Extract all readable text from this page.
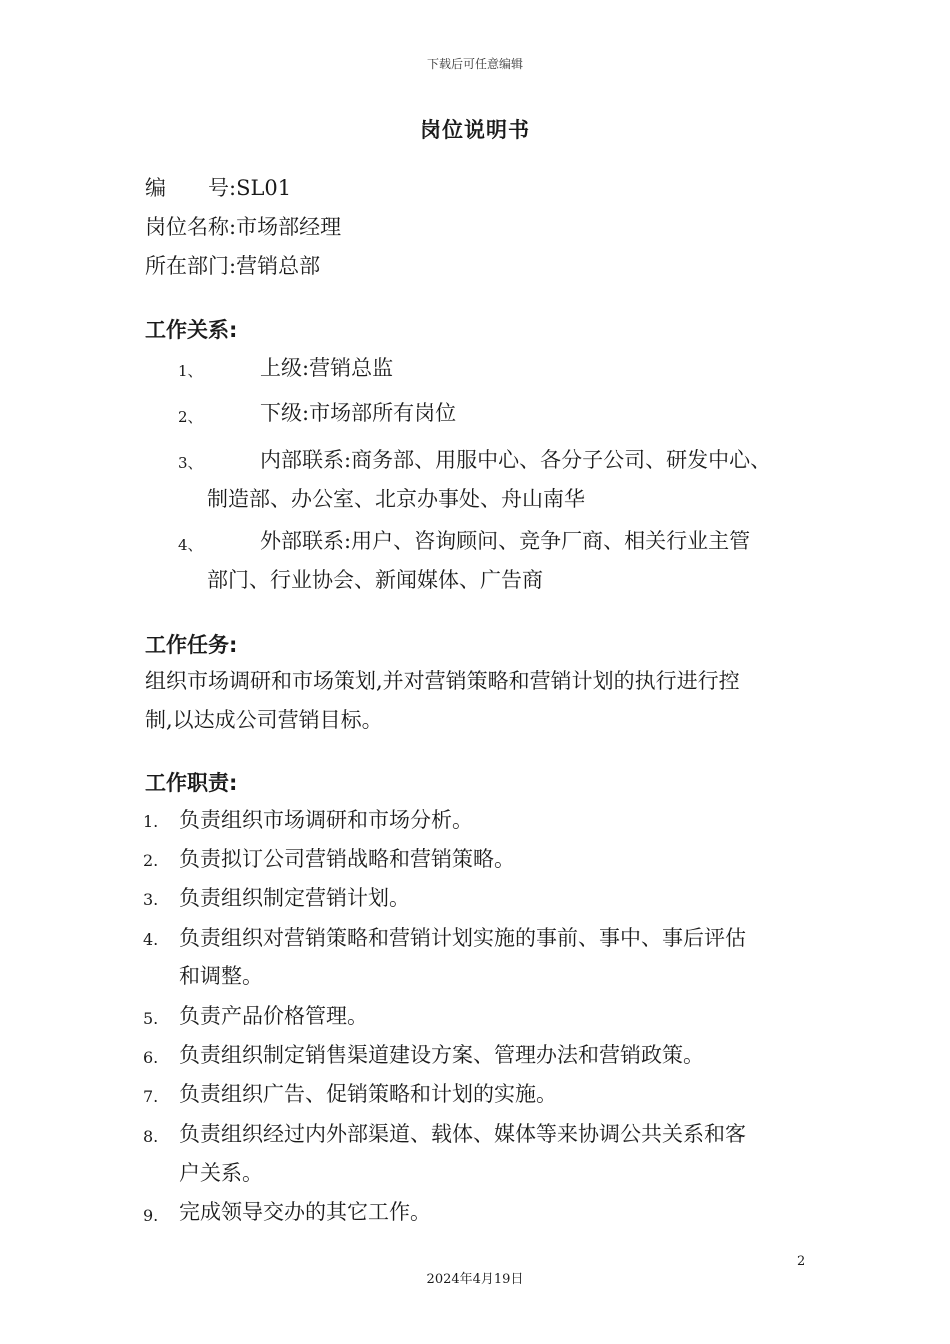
下载后可任意编辑
岗位说明书
编　　号:SL01
岗位名称:市场部经理
所在部门:营销总部
工作关系:
1、	上级:营销总监
2、	下级:市场部所有岗位
3、	内部联系:商务部、用服中心、各分子公司、研发中心、
制造部、办公室、北京办事处、舟山南华
4、	外部联系:用户、咨询顾问、竞争厂商、相关行业主管
部门、行业协会、新闻媒体、广告商
工作任务:
组织市场调研和市场策划,并对营销策略和营销计划的执行进行控
制,以达成公司营销目标。
工作职责:
1. 负责组织市场调研和市场分析。
2. 负责拟订公司营销战略和营销策略。
3. 负责组织制定营销计划。
4. 负责组织对营销策略和营销计划实施的事前、事中、事后评估
和调整。
5. 负责产品价格管理。
6. 负责组织制定销售渠道建设方案、管理办法和营销政策。
7. 负责组织广告、促销策略和计划的实施。
8. 负责组织经过内外部渠道、载体、媒体等来协调公共关系和客
户关系。
9. 完成领导交办的其它工作。
2
2024年4月19日
